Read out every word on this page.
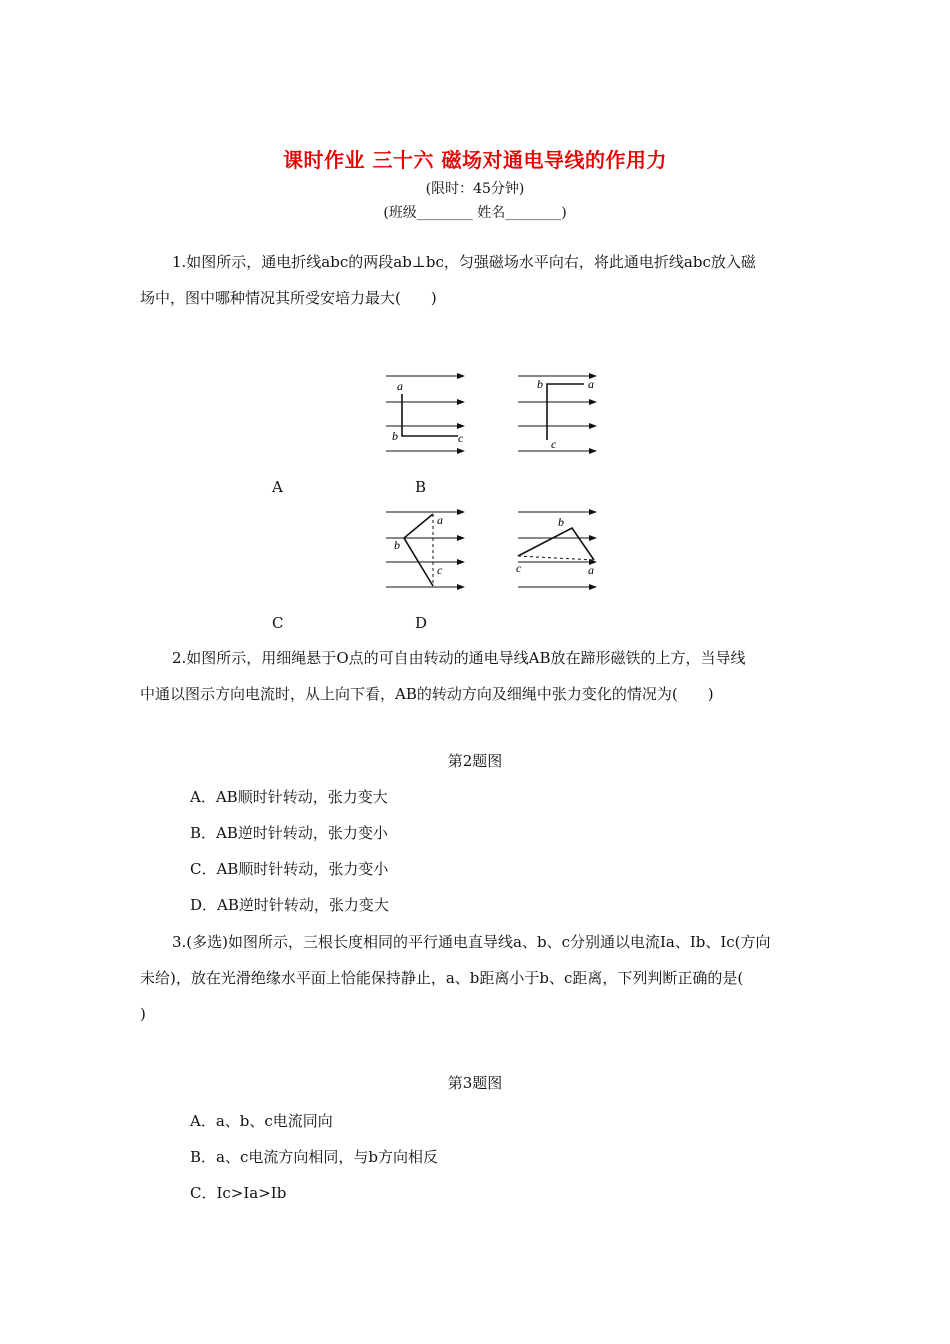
课时作业 三十六 磁场对通电导线的作用力
(限时：45分钟)
(班级________ 姓名________)
1.如图所示，通电折线abc的两段ab⊥bc，匀强磁场水平向右，将此通电折线abc放入磁
场中，图中哪种情况其所受安培力最大(　　)
a
b	c
b	a
c
A	B
a
b
c
b
c	a
C	D
2.如图所示，用细绳悬于O点的可自由转动的通电导线AB放在蹄形磁铁的上方，当导线
中通以图示方向电流时，从上向下看，AB的转动方向及细绳中张力变化的情况为(　　)
第2题图
A．AB顺时针转动，张力变大
B．AB逆时针转动，张力变小
C．AB顺时针转动，张力变小
D．AB逆时针转动，张力变大
3.(多选)如图所示，三根长度相同的平行通电直导线a、b、c分别通以电流Ia、Ib、Ic(方向
未给)，放在光滑绝缘水平面上恰能保持静止，a、b距离小于b、c距离，下列判断正确的是(
)
第3题图
A．a、b、c电流同向
B．a、c电流方向相同，与b方向相反
C．Ic>Ia>Ib
